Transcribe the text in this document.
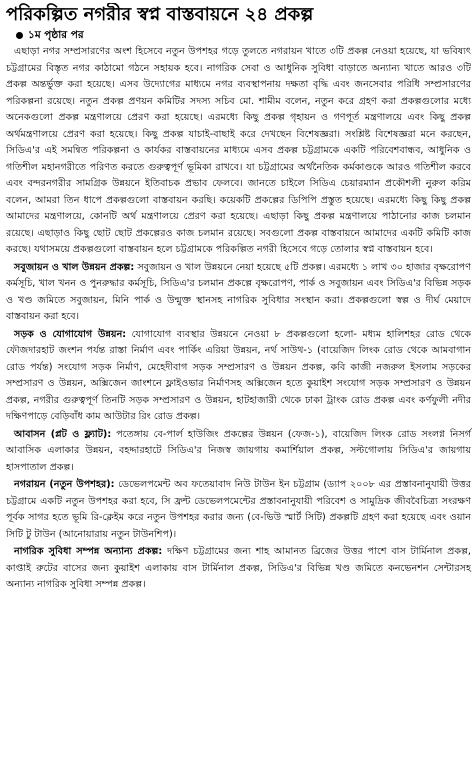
পরিকল্পিত নগরীর স্বপ্ন বাস্তবায়নে ২৪ প্রকল্প
১ম পৃষ্ঠার পর

এছাড়া নগর সম্প্রসারণের অংশ হিসেবে নতুন উপশহর গড়ে তুলতে নগরায়ন খাতে ৩টি প্রকল্প নেওয়া হয়েছে, যা ভবিষ্যৎ চট্টগ্রামের বিস্তৃত নগর কাঠামো গঠনে সহায়ক হবে। নাগরিক সেবা ও আধুনিক সুবিধা বাড়াতে অন্যান্য খাতে আরও ৩টি প্রকল্প অন্তর্ভুক্ত করা হয়েছে। এসব উদ্যোগের মাধ্যমে নগর ব্যবস্থাপনায় দক্ষতা বৃদ্ধি এবং জনসেবার পরিধি সম্প্রসারণের পরিকল্পনা রয়েছে। নতুন প্রকল্প প্রণয়ন কমিটির সদস্য সচিব মো. শামীম বলেন, নতুন করে গ্রহণ করা প্রকল্পগুলোর মধ্যে অনেকগুলো প্রকল্প মন্ত্রণালয়ে প্রেরণ করা হয়েছে। এরমধ্যে কিছু প্রকল্প গৃহায়ন ও গণপূর্ত মন্ত্রণালয়ে এবং কিছু প্রকল্প অর্থমন্ত্রণালয়ে প্রেরণ করা হয়েছে। কিছু প্রকল্প যাচাই-বাছাই করে দেখছেন বিশেষজ্ঞরা। সংশ্লিষ্ট বিশেষজ্ঞরা মনে করছেন, সিডিএ'র এই সমন্বিত পরিকল্পনা ও কার্যকর বাস্তবায়নের মাধ্যমে এসব প্রকল্প চট্টগ্রামকে একটি পরিবেশবান্ধব, আধুনিক ও গতিশীল মহানগরীতে পরিণত করতে গুরুত্বপূর্ণ ভূমিকা রাখবে। যা চট্টগ্রামের অর্থনৈতিক কর্মকাণ্ডকে আরও গতিশীল করবে এবং বন্দরনগরীর সামগ্রিক উন্নয়নে ইতিবাচক প্রভাব ফেলবে। জানতে চাইলে সিডিএ চেয়ারম্যান প্রকৌশলী নুরুল করিম বলেন, আমরা তিন ধাপে প্রকল্পগুলো বাস্তবায়ন করছি। কয়েকটি প্রকল্পের ডিপিপি প্রস্তুত হয়েছে। এরমধ্যে কিছু কিছু প্রকল্প আমাদের মন্ত্রণালয়ে, কোনটি অর্থ মন্ত্রণালয়ে প্রেরণ করা হয়েছে। এছাড়া কিছু প্রকল্প মন্ত্রণালয়ে পাঠানোর কাজ চলমান রয়েছে। এছাড়াও কিছু ছোট ছোট প্রকল্পেরও কাজ চলমান রয়েছে। সবগুলো প্রকল্প বাস্তবায়নে আমাদের একটি কমিটি কাজ করছে। যথাসময়ে প্রকল্পগুলো বাস্তবায়ন হলে চট্টগ্রামকে পরিকল্পিত নগরী হিসেবে গড়ে তোলার স্বপ্ন বাস্তবায়ন হবে।

সবুজায়ন ও খাল উন্নয়ন প্রকল্প: সবুজায়ন ও খাল উন্নয়নে নেয়া হয়েছে ৫টি প্রকল্প। এরমধ্যে ১ লাখ ৩০ হাজার বৃক্ষরোপণ কর্মসূচি, খাল খনন ও পুনরুদ্ধার কর্মসূচি, সিডিএ'র চলমান প্রকল্পে বৃক্ষরোপণ, পার্ক ও সবুজায়ন এবং সিডিএ'র বিভিন্ন সড়ক ও খণ্ড জমিতে সবুজায়ন, মিনি পার্ক ও উন্মুক্ত স্থানসহ নাগরিক সুবিধার সংস্থান করা। প্রকল্পগুলো স্বল্প ও দীর্ঘ মেয়াদে বাস্তবায়ন করা হবে।

সড়ক ও যোগাযোগ উন্নয়ন: যোগাযোগ ব্যবস্থার উন্নয়নে নেওয়া ৮ প্রকল্পগুলো হলো- মধ্যম হালিশহর রোড থেকে ফৌজদারহাট জংশন পর্যন্ত রাস্তা নির্মাণ এবং পার্কিং এরিয়া উন্নয়ন, নর্থ সাউথ-১ (বায়েজিদ লিংক রোড থেকে আমবাগান রোড পর্যন্ত) সংযোগ সড়ক নির্মাণ, মেহেদীবাগ সড়ক সম্প্রসারণ ও উন্নয়ন প্রকল্প, কবি কাজী নজরুল ইসলাম সড়কের সম্প্রসারণ ও উন্নয়ন, অক্সিজেন জাংশনে ফ্লাইওভার নির্মাণসহ অক্সিজেন হতে কুয়াইশ সংযোগ সড়ক সম্প্রসারণ ও উন্নয়ন প্রকল্প, নগরীর গুরুত্বপূর্ণ তিনটি সড়ক সম্প্রসারণ ও উন্নয়ন, হাটহাজারী থেকে ঢাকা ট্রাংক রোড প্রকল্প এবং কর্ণফুলী নদীর দক্ষিণপাড়ে বেড়িবাঁধ কাম আউটার রিং রোড প্রকল্প।

আবাসন (প্লট ও ফ্ল্যাট): পতেঙ্গায় বে-পার্ল হাউজিং প্রকল্পের উন্নয়ন (ফেজ-১), বায়েজিদ লিংক রোড সংলগ্ন নিসর্গ আবাসিক এলাকার উন্নয়ন, বহদ্দারহাটে সিডিএ'র নিজস্ব জায়গায় কমার্শিয়াল প্রকল্প, সল্টগোলায় সিডিএ'র জায়গায় হাসপাতাল প্রকল্প।

নগরায়ন (নতুন উপশহর): ডেভেলপমেন্ট অব ফতেয়াবাদ নিউ টাউন ইন চট্টগ্রাম (ড্যাপ ২০০৮ এর প্রস্তাবনানুযায়ী উত্তর চট্টগ্রামে একটি নতুন উপশহর করা হবে, সি ফ্রন্ট ডেভেলপমেন্টের প্রস্তাবনানুযায়ী পরিবেশ ও সামুদ্রিক জীববৈচিত্র্য সংরক্ষণ পূর্বক সাগর হতে ভূমি রি-ক্লেইম করে নতুন উপশহর করার জন্য (বে-ভিউ স্মার্ট সিটি) প্রকল্পটি গ্রহণ করা হয়েছে এবং ওয়ান সিটি টু টাউন (আনোয়ারায় নতুন টাউনশিপ)।

নাগরিক সুবিধা সম্পন্ন অন্যান্য প্রকল্প: দক্ষিণ চট্টগ্রামের জন্য শাহ আমানত ব্রিজের উত্তর পাশে বাস টার্মিনাল প্রকল্প, কাপ্তাই রুটের বাসের জন্য কুয়াইশ এলাকায় বাস টার্মিনাল প্রকল্প, সিডিএ'র বিভিন্ন খণ্ড জমিতে কনভেনশন সেন্টারসহ অন্যান্য নাগরিক সুবিধা সম্পন্ন প্রকল্প।
